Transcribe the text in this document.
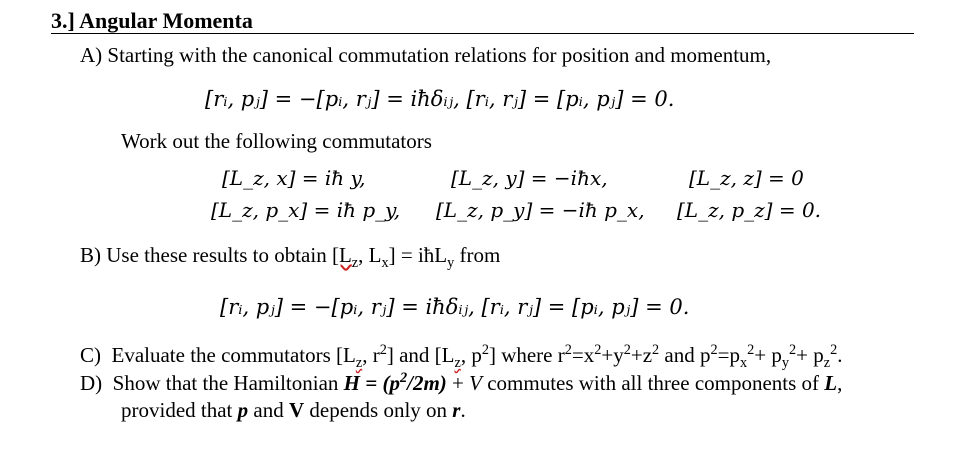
3.] Angular Momenta
A) Starting with the canonical commutation relations for position and momentum,
[rᵢ, pⱼ] = −[pᵢ, rⱼ] = iħδᵢⱼ, [rᵢ, rⱼ] = [pᵢ, pⱼ] = 0.
Work out the following commutators
[L_z, x] = iħ y,	[L_z, y] = −iħx,	[L_z, z] = 0
[L_z, p_x] = iħ p_y, [L_z, p_y] = −iħ p_x, [L_z, p_z] = 0.
B) Use these results to obtain [$L_z$, $L_x$] = iħL$_y$ from
[rᵢ, pⱼ] = −[pᵢ, rⱼ] = iħδᵢⱼ, [rᵢ, rⱼ] = [pᵢ, pⱼ] = 0.
C) Evaluate the commutators [$L_z$, $r^2$] and [$L_z$, $p^2$] where $r^2=x^2+y^2+z^2$ and $p^2=p_x^2+ p_y^2+ p_z^2$.
D) Show that the Hamiltonian $H = (p^2/2m) + V$ commutes with all three components of L,
provided that p and V depends only on r.
